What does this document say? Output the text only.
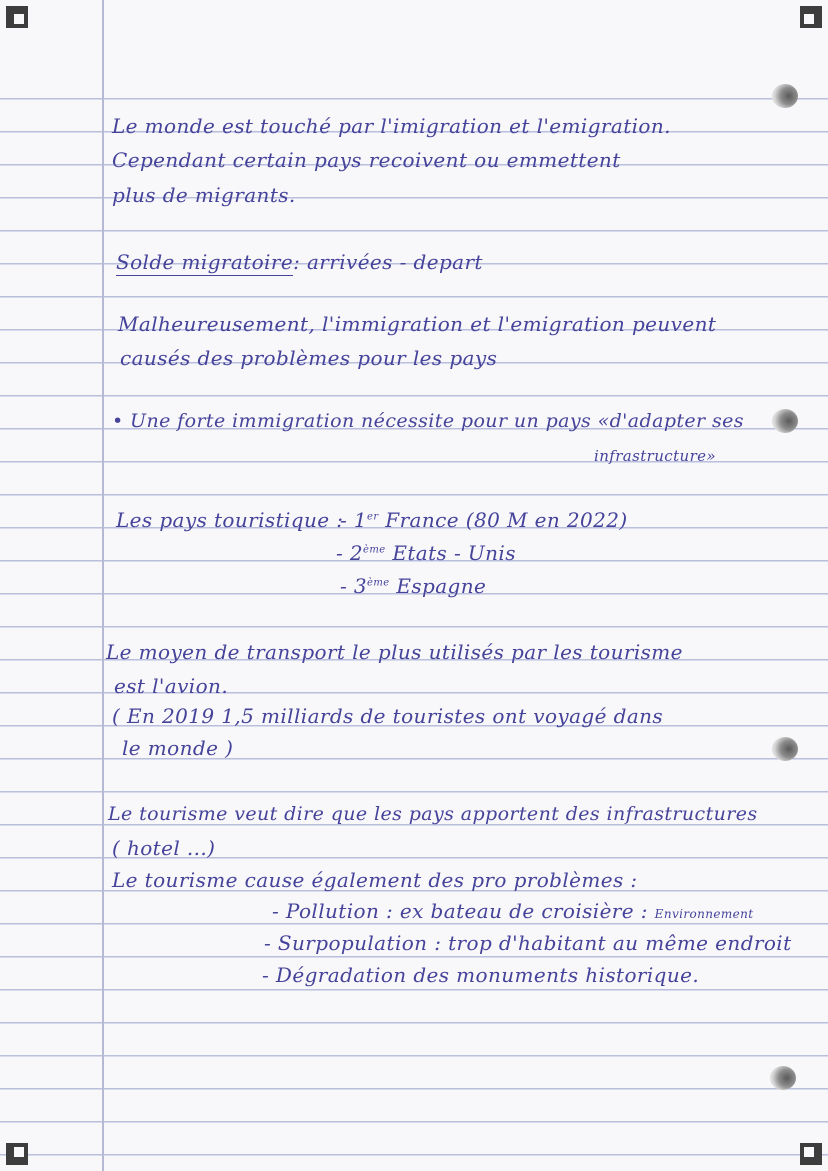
Le monde est touché par l'imigration et l'emigration.

Cependant certain pays recoivent ou emmettent

plus de migrants.

Solde migratoire: arrivées - depart

Malheureusement, l'immigration et l'emigration peuvent

causés des problèmes pour les pays

• Une forte immigration nécessite pour un pays «d'adapter ses

infrastructure»

Les pays touristique :

- 1er France (80 M en 2022)

- 2ème Etats - Unis

- 3ème Espagne

Le moyen de transport le plus utilisés par les tourisme

est l'avion.

( En 2019 1,5 milliards de touristes ont voyagé dans

le monde )

Le tourisme veut dire que les pays apportent des infrastructures

( hotel ...)

Le tourisme cause également des pro problèmes :

- Pollution : ex bateau de croisière : Environnement

- Surpopulation : trop d'habitant au même endroit

- Dégradation des monuments historique.
